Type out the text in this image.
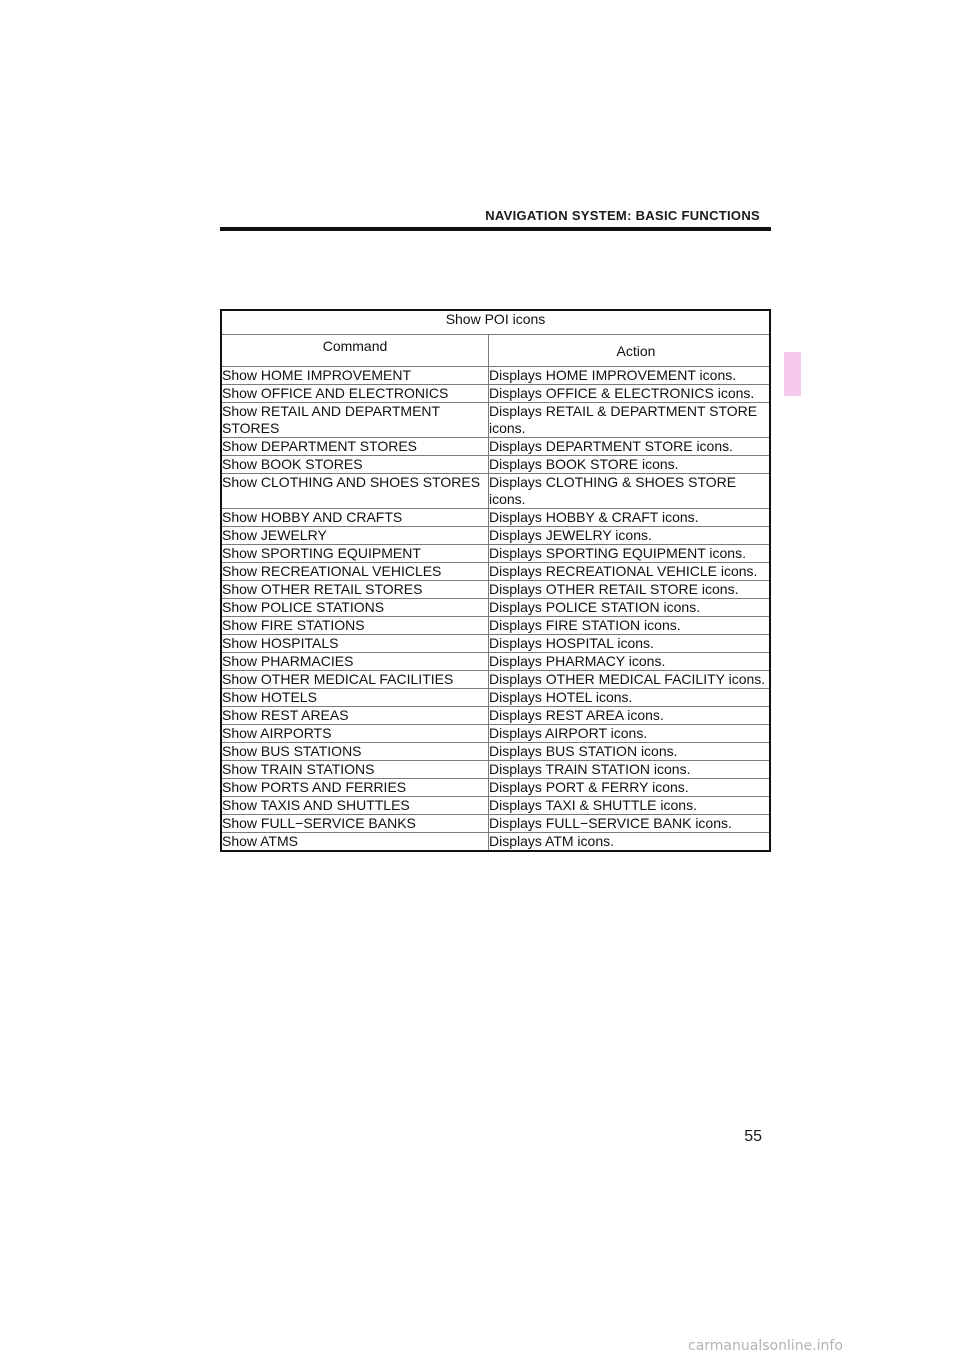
NAVIGATION SYSTEM: BASIC FUNCTIONS
Show POI icons	
Command	Action
Show HOME IMPROVEMENT	Displays HOME IMPROVEMENT icons.
Show OFFICE AND ELECTRONICS	Displays OFFICE & ELECTRONICS icons.
Show RETAIL AND DEPARTMENT STORES	Displays RETAIL & DEPARTMENT STORE icons.
Show DEPARTMENT STORES	Displays DEPARTMENT STORE icons.
Show BOOK STORES	Displays BOOK STORE icons.
Show CLOTHING AND SHOES STORES	Displays CLOTHING & SHOES STORE icons.
Show HOBBY AND CRAFTS	Displays HOBBY & CRAFT icons.
Show JEWELRY	Displays JEWELRY icons.
Show SPORTING EQUIPMENT	Displays SPORTING EQUIPMENT icons.
Show RECREATIONAL VEHICLES	Displays RECREATIONAL VEHICLE icons.
Show OTHER RETAIL STORES	Displays OTHER RETAIL STORE icons.
Show POLICE STATIONS	Displays POLICE STATION icons.
Show FIRE STATIONS	Displays FIRE STATION icons.
Show HOSPITALS	Displays HOSPITAL icons.
Show PHARMACIES	Displays PHARMACY icons.
Show OTHER MEDICAL FACILITIES	Displays OTHER MEDICAL FACILITY icons.
Show HOTELS	Displays HOTEL icons.
Show REST AREAS	Displays REST AREA icons.
Show AIRPORTS	Displays AIRPORT icons.
Show BUS STATIONS	Displays BUS STATION icons.
Show TRAIN STATIONS	Displays TRAIN STATION icons.
Show PORTS AND FERRIES	Displays PORT & FERRY icons.
Show TAXIS AND SHUTTLES	Displays TAXI & SHUTTLE icons.
Show FULL−SERVICE BANKS	Displays FULL−SERVICE BANK icons.
Show ATMS	Displays ATM icons.
55
carmanualsonline.info
